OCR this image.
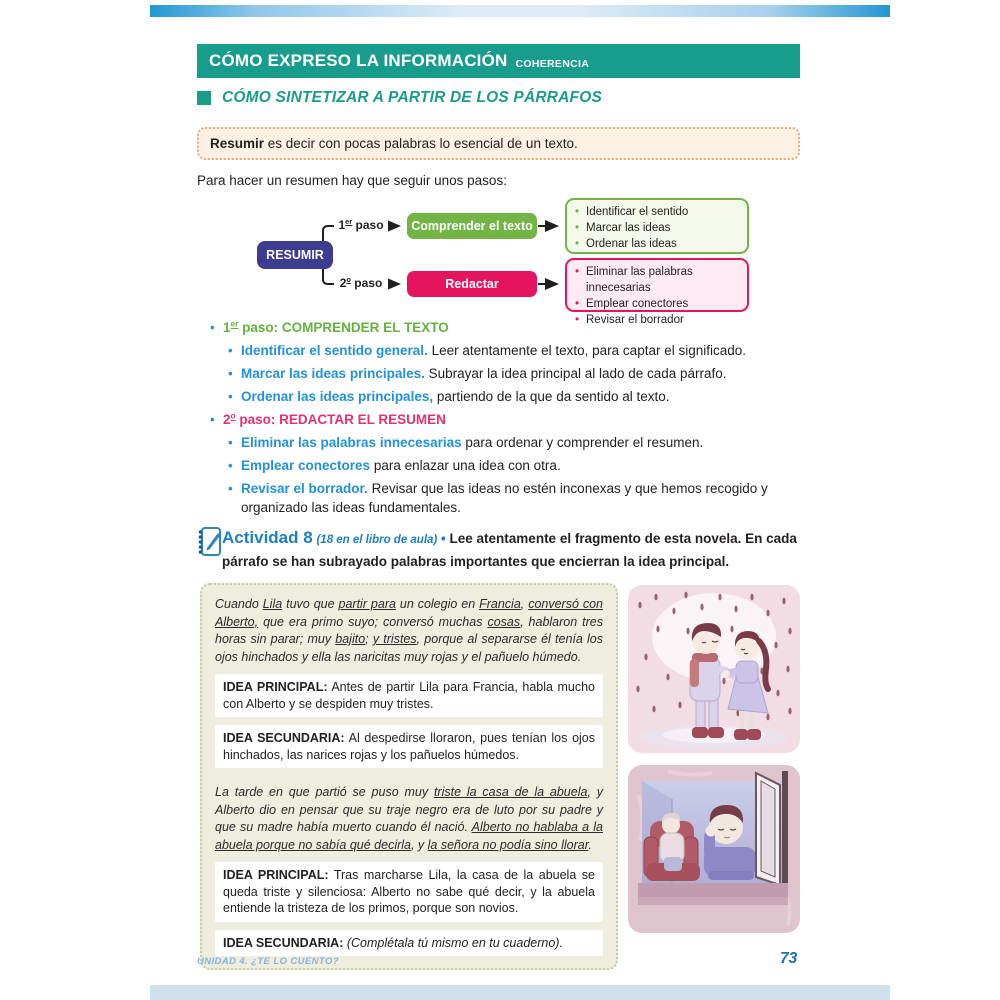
CÓMO EXPRESO LA INFORMACIÓN COHERENCIA
CÓMO SINTETIZAR A PARTIR DE LOS PÁRRAFOS
Resumir es decir con pocas palabras lo esencial de un texto.

Para hacer un resumen hay que seguir unos pasos:

RESUMIR
1er paso
2$^o$ paso
Comprender el texto
Redactar
• Identificar el sentido
• Marcar las ideas
• Ordenar las ideas
• Eliminar las palabras innecesarias
• Emplear conectores
• Revisar el borrador
• 1er paso: COMPRENDER EL TEXTO
• Identificar el sentido general. Leer atentamente el texto, para captar el significado.
• Marcar las ideas principales. Subrayar la idea principal al lado de cada párrafo.
• Ordenar las ideas principales, partiendo de la que da sentido al texto.
• 2$^o$ paso: REDACTAR EL RESUMEN
• Eliminar las palabras innecesarias para ordenar y comprender el resumen.
• Emplear conectores para enlazar una idea con otra.
• Revisar el borrador. Revisar que las ideas no estén inconexas y que hemos recogido y organizado las ideas fundamentales.

Actividad 8 (18 en el libro de aula) • Lee atentamente el fragmento de esta novela. En cada párrafo se han subrayado palabras importantes que encierran la idea principal.

Cuando Lila tuvo que partir para un colegio en Francia, conversó con Alberto, que era primo suyo; conversó muchas cosas, hablaron tres horas sin parar; muy bajito; y tristes, porque al separarse él tenía los ojos hinchados y ella las naricitas muy rojas y el pañuelo húmedo.

IDEA PRINCIPAL: Antes de partir Lila para Francia, habla mucho con Alberto y se despiden muy tristes.
IDEA SECUNDARIA: Al despedirse lloraron, pues tenían los ojos hinchados, las narices rojas y los pañuelos húmedos.

La tarde en que partió se puso muy triste la casa de la abuela, y Alberto dio en pensar que su traje negro era de luto por su padre y que su madre había muerto cuando él nació. Alberto no hablaba a la abuela porque no sabía qué decirla, y la señora no podía sino llorar.

IDEA PRINCIPAL: Tras marcharse Lila, la casa de la abuela se queda triste y silenciosa: Alberto no sabe qué decir, y la abuela entiende la tristeza de los primos, porque son novios.
IDEA SECUNDARIA: (Complétala tú mismo en tu cuaderno).
UNIDAD 4. ¿TE LO CUENTO?	73
